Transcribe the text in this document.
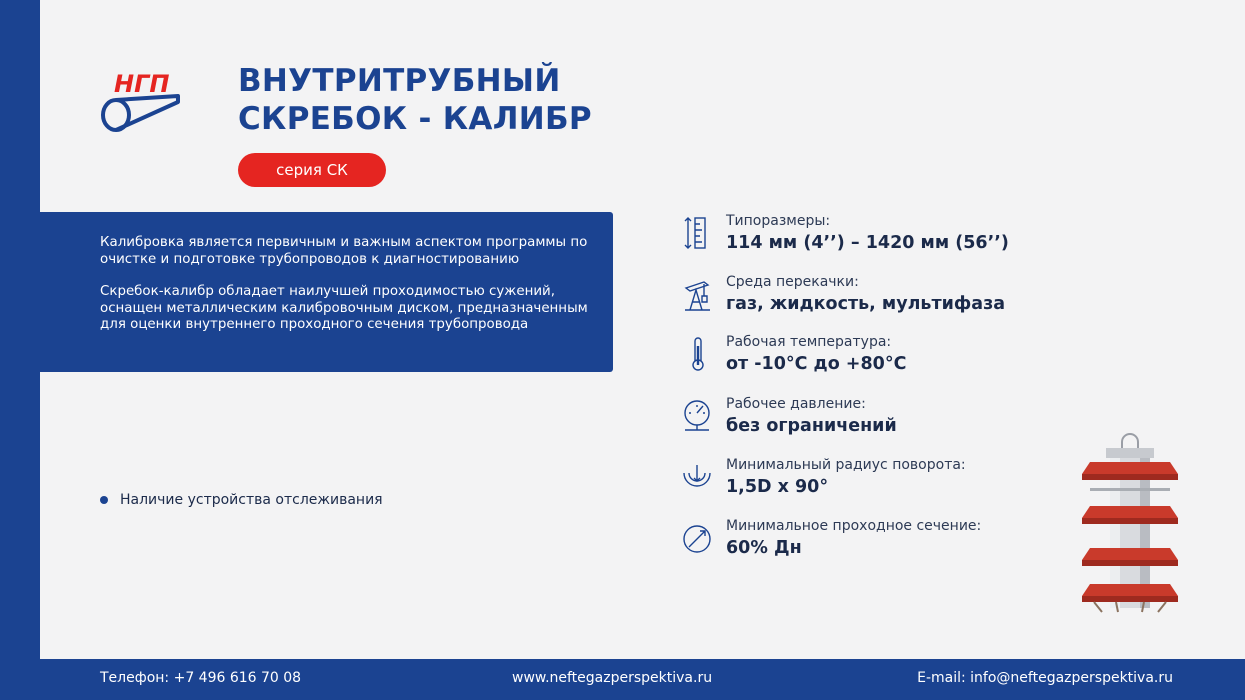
НГП ВНУТРИТРУБНЫЙ
СКРЕБОК - КАЛИБР
серия СК

Калибровка является первичным и важным аспектом программы по очистке и подготовке трубопроводов к диагностированию

Скребок-калибр обладает наилучшей проходимостью сужений, оснащен металлическим калибровочным диском, предназначенным для оценки внутреннего проходного сечения трубопровода

Наличие устройства отслеживания
Типоразмеры:
114 мм (4’’) – 1420 мм (56’’)
Среда перекачки:
газ, жидкость, мультифаза
Рабочая температура:
от -10°С до +80°С
Рабочее давление:
без ограничений
Минимальный радиус поворота:
1,5D х 90°
Минимальное проходное сечение:
60% Дн
Телефон: +7 496 616 70 08	www.neftegazperspektiva.ru	E-mail: info@neftegazperspektiva.ru
